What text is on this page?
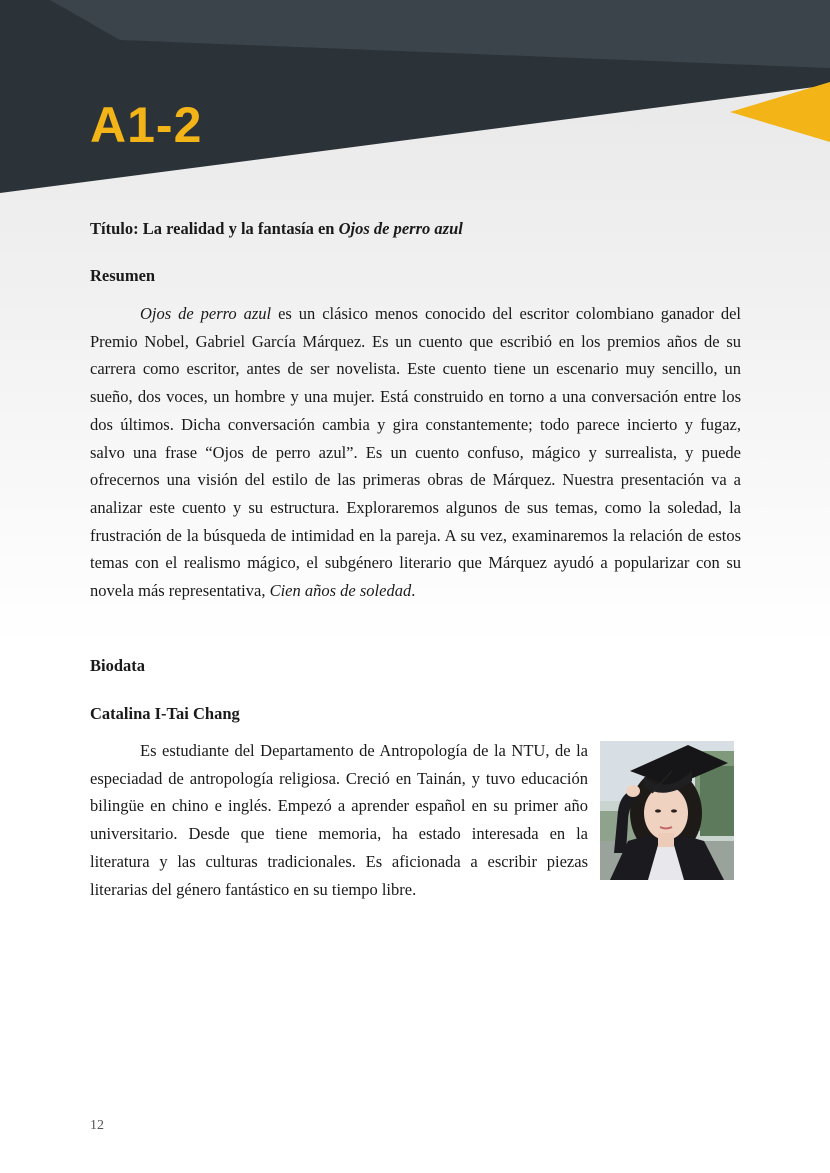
A1-2
Título: La realidad y la fantasía en Ojos de perro azul
Resumen

Ojos de perro azul es un clásico menos conocido del escritor colombiano ganador del Premio Nobel, Gabriel García Márquez. Es un cuento que escribió en los premios años de su carrera como escritor, antes de ser novelista. Este cuento tiene un escenario muy sencillo, un sueño, dos voces, un hombre y una mujer. Está construido en torno a una conversación entre los dos últimos. Dicha conversación cambia y gira constantemente; todo parece incierto y fugaz, salvo una frase “Ojos de perro azul”. Es un cuento confuso, mágico y surrealista, y puede ofrecernos una visión del estilo de las primeras obras de Márquez. Nuestra presentación va a analizar este cuento y su estructura. Exploraremos algunos de sus temas, como la soledad, la frustración de la búsqueda de intimidad en la pareja. A su vez, examinaremos la relación de estos temas con el realismo mágico, el subgénero literario que Márquez ayudó a popularizar con su novela más representativa, Cien años de soledad.

Biodata
Catalina I-Tai Chang

Es estudiante del Departamento de Antropología de la NTU, de la especiadad de antropología religiosa. Creció en Tainán, y tuvo educación bilingüe en chino e inglés. Empezó a aprender español en su primer año universitario. Desde que tiene memoria, ha estado interesada en la literatura y las culturas tradicionales. Es aficionada a escribir piezas literarias del género fantástico en su tiempo libre.

12
